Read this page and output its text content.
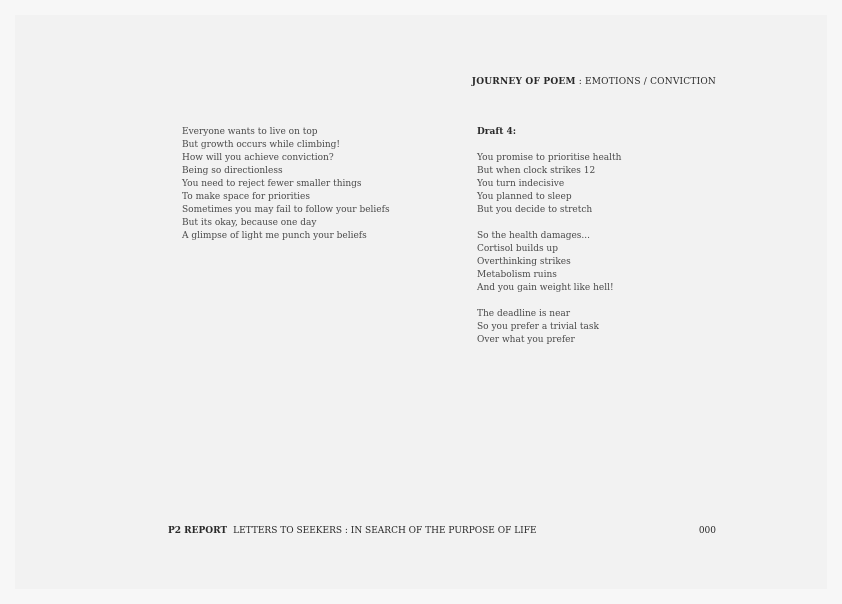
JOURNEY OF POEM : EMOTIONS / CONVICTION
Everyone wants to live on top
But growth occurs while climbing!
How will you achieve conviction?
Being so directionless
You need to reject fewer smaller things
To make space for priorities
Sometimes you may fail to follow your beliefs
But its okay, because one day
A glimpse of light me punch your beliefs
Draft 4:
You promise to prioritise health
But when clock strikes 12
You turn indecisive
You planned to sleep
But you decide to stretch
So the health damages...
Cortisol builds up
Overthinking strikes
Metabolism ruins
And you gain weight like hell!
The deadline is near
So you prefer a trivial task
Over what you prefer
P2 REPORT LETTERS TO SEEKERS : IN SEARCH OF THE PURPOSE OF LIFE	000
